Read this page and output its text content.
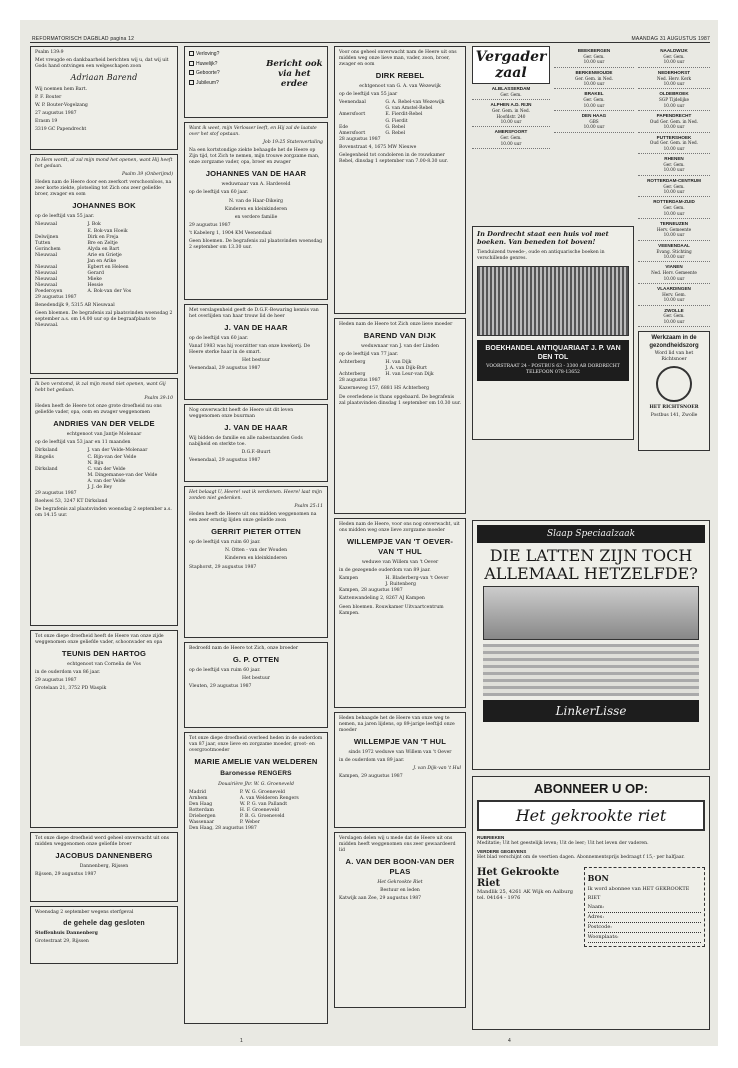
REFORMATORISCH DAGBLAD pagina 12	MAANDAG 31 AUGUSTUS 1987

Psalm 139:9

Met vreugde en dankbaarheid berichten wij u, dat wij uit Gods hand ontvingen een welgeschapen zoon

Adriaan Barend

Wij noemen hem Bart.

P. F. Bouter

W. P. Bouter-Vogelzang

27 augustus 1987

Erasm 19

3319 GC Papendrecht

In Hem wordt, al zal mijn mond het openen, want Hij heeft het gedaan.

Psalm 39 (Onberijmd)

Heden nam de Heere door een zeerkort verschoonloos, na zeer korte ziekte, plotseling tot Zich ons zeer geliefde broer, zwager en oom

JOHANNES BOK

op de leeftijd van 55 jaar.

Nieuwaal	J. Bok
E. Bok-van Hoeik
Delwijnen	Dirk en Freja
Tutten	Bre en Zeltje
Gorinchem	Alyda en Bart
Nieuwaal	Arie en Grietje
Jan en Arike
Nieuwaal	Egbert en Heleen
Nieuwaal	Gerard
Nieuwaal	Mieke
Nieuwaal	Hessie
Poederoyen	A. Bok-van der Vos

29 augustus 1987

Benedendijk 9, 5315 AB Nieuwaal

Geen bloemen. De begrafenis zal plaatsvinden woensdag 2 september a.s. om 14.00 uur op de begraafplaats te Nieuwaal.

Ik ben verstomd, ik zal mijn mond niet openen, want Gij hebt het gedaan.

Psalm 39:10

Heden heeft de Heere tot onze grote droefheid nu ons geliefde vader, opa, oom en zwager weggenomen

ANDRIES VAN DER VELDE

echtgenoot van Jantje Molenaar

op de leeftijd van 53 jaar en 11 maanden

Dirksland	J. van der Velde-Molenaar
Ringelis	C. Bijn-van der Velde
N. Bijn
Dirksland	C. van der Velde
M. Dingemanse-van der Velde
A. van der Velde
J. J. de Bey

29 augustus 1987

Roelwei 53, 3247 KT Dirksland

De begrafenis zal plaatsvinden woensdag 2 september a.s. om 14.15 uur.

Tot onze diepe droefheid heeft de Heere van onze zijde weggenomen onze geliefde vader, schoonvader en opa

TEUNIS DEN HARTOG

echtgenoot van Cornelia de Vos

in de ouderdom van 86 jaar.

29 augustus 1987

Grotelaan 21, 3752 PD Waspik

Tot onze diepe droefheid werd geheel onverwacht uit ons midden weggenomen onze geliefde broer

JACOBUS DANNENBERG

Dannenberg, Rijssen

Rijssen, 29 augustus 1987

Woensdag 2 september wegens sterfgeval

de gehele dag gesloten

Stoffenhuis Dannenberg

Grotestraat 29, Rijssen

Verloving?
Huwelijk?
Geboorte?
Jubileum?
Bericht ook via het erdee

Want ik weet, mijn Verlosser leeft, en Hij zal de laatste over het stof opstaan.

Job 19:25 Statenvertaling

Na een kortstondige ziekte behaagde het de Heere op Zijn tijd, tot Zich te nemen, mijn trouwe zorgzame man, onze zorgzame vader, opa, broer en zwager

JOHANNES VAN DE HAAR

weduwnaar van A. Hardeveld

op de leeftijd van 60 jaar.

N. van de Haar-Dikeirg

Kinderen en kleinkinderen

en verdere familie

29 augustus 1987

't Kabelerg 1, 1904 KM Veenendaal

Geen bloemen. De begrafenis zal plaatsvinden woensdag 2 september om 13.30 uur.

Met verslagenheid geeft de D.G.F.-Bewaring kennis van het overlijden van haar trouw lid de heer

J. VAN DE HAAR

op de leeftijd van 60 jaar.

Vanaf 1983 was hij voorzitter van onze kwekerij. De Heere sterke haar in de smart.

Het bestuur

Veenendaal, 29 augustus 1987

Nog onverwacht heeft de Heere uit dit leven weggenomen onze buurman

J. VAN DE HAAR

Wij bidden de familie en alle nabestaanden Gods nabijheid en sterkte toe.

D.G.F.-Buurt

Veenendaal, 29 augustus 1987

Het belaagt U, Heere! wat ik verdienen. Heere! laat mijn zonden niet gedenken.

Psalm 25:11

Heden heeft de Heere uit ons midden weggenomen na een zeer ernstig lijden onze geliefde zoon

GERRIT PIETER OTTEN

op de leeftijd van ruim 60 jaar.

N. Otten - van der Wouden

Kinderen en kleinkinderen

Staphorst, 29 augustus 1987

Bedroefd nam de Heere tot Zich, onze broeder

G. P. OTTEN

op de leeftijd van ruim 60 jaar.

Het bestuur

Vleuten, 29 augustus 1987

Tot onze diepe droefheid overleed heden in de ouderdom van 87 jaar, onze lieve en zorgzame moeder, groot- en overgrootmoeder

MARIE AMELIE VAN WELDEREN
Baronesse RENGERS

Douairière Jhr. W. G. Groeneveld

Madrid	P. W. G. Groeneveld
Arnhem	A. van Welderen Rengers
Den Haag	W. P. G. van Pallandt
Rotterdam	H. F. Groeneveld
Driebergen	P. B. G. Groeneveld
Wassenaar	P. Weber

Den Haag, 28 augustus 1987

Voor ons geheel onverwacht nam de Heere uit ons midden weg onze lieve man, vader, zoon, broer, zwager en oom

DIRK REBEL

echtgenoot van G. A. van Wezewijk

op de leeftijd van 55 jaar

Veenendaal	G. A. Rebel-van Wezewijk
G. van Amstel-Rebel
Amersfoort	E. Fierdit-Rebel
G. Fierdit
Ede	G. Rebel
Amersfoort	G. Rebel

28 augustus 1987

Bovenstraat 4, 1675 MW Nieuwe

Gelegenheid tot condoleren in de rouwkamer Rebel, dinsdag 1 september van 7.00-8.30 uur.

Heden nam de Heere tot Zich onze lieve moeder

BAREND VAN DIJK

weduwnaar van J. van der Linden

op de leeftijd van 77 jaar.

Achterberg	H. van Dijk
J. A. van Dijk-Burt
Achterberg	H. van Leur-van Dijk

28 augustus 1987

Kazerneweg 157, 6881 HS Achterberg

De overledene is thans opgebaard. De begrafenis zal plaatsvinden dinsdag 1 september om 10.30 uur.

Heden nam de Heere, voor ons nog onverwacht, uit ons midden weg onze lieve zorgzame moeder

WILLEMPJE VAN 'T OEVER-VAN 'T HUL

weduwe van Willem van 't Oever

in de gezegende ouderdom van 89 jaar.

Kampen	H. Bladerberg-van 't Oever
J. Ruitenberg

Kampen, 28 augustus 1987

Kattenwandeling 2, 8267 AJ Kampen

Geen bloemen. Rouwkamer Uitvaartcentrum Kampen.

Heden behaagde het de Heere van onze weg te nemen, na jaren lijdens, op 89-jarige leeftijd onze moeder

WILLEMPJE VAN 'T HUL

sinds 1972 weduwe van Willem van 't Oever

in de ouderdom van 89 jaar.

J. van Dijk-van 't Hul

Kampen, 29 augustus 1987

Verslagen delen wij u mede dat de Heere uit ons midden heeft weggenomen ons zeer gewaardeerd lid

A. VAN DER BOON-VAN DER PLAS

Het Gekrookte Riet

Bestuur en leden

Katwijk aan Zee, 29 augustus 1987

Vergader zaal
ALBLASSERDAM
Ger. Gem.
ALPHEN A.D. RIJN
Ger. Gem. in Ned.
Hoofdstr. 240
10.00 uur
AMERSFOORT
Ger. Gem.
10.00 uur
BEEKBERGEN
Ger. Gem.
10.00 uur
BERKENWOUDE
Ger. Gem. in Ned.
10.00 uur
BRAKEL
Ger. Gem.
10.00 uur
DEN HAAG
GBS
10.00 uur
In Dordrecht staat een huis vol met boeken. Van beneden tot boven!

Tienduizend tweede-, oude en antiquarische boeken in verschillende genres.

BOEKHANDEL ANTIQUARIAAT J. P. VAN DEN TOL
VOORSTRAAT 24 - POSTBUS 63 - 3300 AB DORDRECHT
TELEFOON 078-13652
NAALDWIJK
Ger. Gem.
10.00 uur
NEDERHORST
Ned. Herv. Kerk
10.00 uur
OLDEBROEK
SGP Tijdelijke
10.00 uur
PAPENDRECHT
Oud Ger. Gem. in Ned.
10.00 uur
PUTTERSHOEK
Oud Ger. Gem. in Ned.
10.00 uur
RHENEN
Ger. Gem.
10.00 uur
ROTTERDAM-CENTRUM
Ger. Gem.
10.00 uur
ROTTERDAM-ZUID
Ger. Gem.
10.00 uur
TERNEUZEN
Herv. Gemeente
10.00 uur
VEENENDAAL
Evang. Stichting
10.00 uur
VIANEN
Ned. Herv. Gemeente
10.00 uur
VLAARDINGEN
Herv. Gem.
10.00 uur
ZWOLLE
Ger. Gem.
10.00 uur
Werkzaam in de gezondheidszorg

Word lid van het Richtsnoer

HET RICHTSNOER

Postbus 141, Zwolle

Slaap Speciaalzaak
DIE LATTEN ZIJN TOCH ALLEMAAL HETZELFDE?
LinkerLisse
ABONNEER U OP:
Het gekrookte riet

RUBRIEKEN

Meditatie; Uit het geestelijk leven; Uit de leer; Uit het leven der vaderen.

VERDERE GEGEVENS

Het blad verschijnt om de veertien dagen. Abonnementsprijs bedraagt f 15,- per halfjaar.

Het Gekrookte Riet

Mandlik 25, 4261 AK Wijk en Aalburg

tel. 04164 - 1976

BON
Ik word abonnee van HET GEKROOKTE RIET
Naam:
Adres:
Postcode:
Woonplaats:
1	4
